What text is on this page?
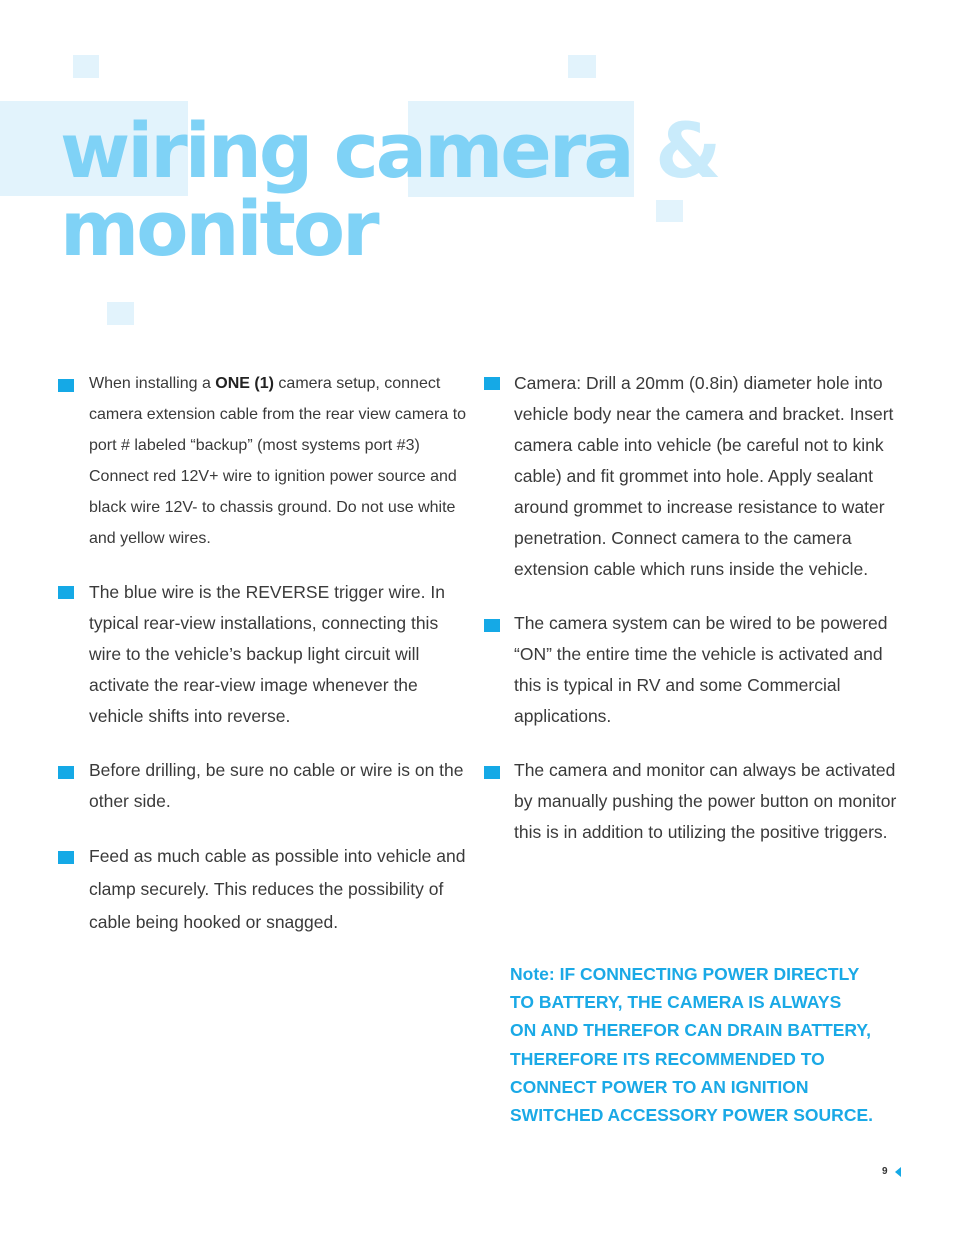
wiring camera &
monitor
When installing a ONE (1) camera setup, connect camera extension cable from the rear view camera to port # labeled “backup” (most systems port #3) Connect red 12V+ wire to ignition power source and black wire 12V- to chassis ground. Do not use white and yellow wires.
The blue wire is the REVERSE trigger wire. In typical rear-view installations, connecting this wire to the vehicle’s backup light circuit will activate the rear-view image whenever the vehicle shifts into reverse.
Before drilling, be sure no cable or wire is on the other side.
Feed as much cable as possible into vehicle and clamp securely. This reduces the possibility of cable being hooked or snagged.
Camera: Drill a 20mm (0.8in) diameter hole into vehicle body near the camera and bracket. Insert camera cable into vehicle (be careful not to kink cable) and fit grommet into hole. Apply sealant around grommet to increase resistance to water penetration. Connect camera to the camera extension cable which runs inside the vehicle.
The camera system can be wired to be powered “ON” the entire time the vehicle is activated and this is typical in RV and some Commercial applications.
The camera and monitor can always be activated by manually pushing the power button on monitor this is in addition to utilizing the positive triggers.
Note: IF CONNECTING POWER DIRECTLY
TO BATTERY, THE CAMERA IS ALWAYS
ON AND THEREFOR CAN DRAIN BATTERY,
THEREFORE ITS RECOMMENDED TO
CONNECT POWER TO AN IGNITION
SWITCHED ACCESSORY POWER SOURCE.
9
